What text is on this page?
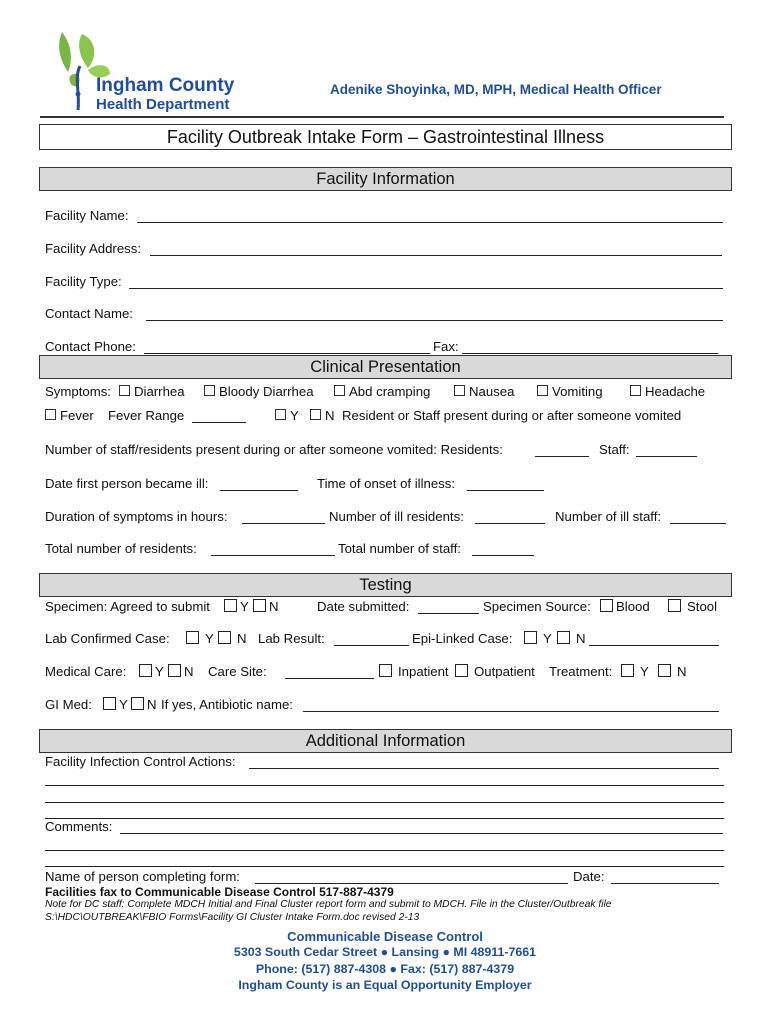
Ingham County
Health Department
Adenike Shoyinka, MD, MPH, Medical Health Officer
Facility Outbreak Intake Form – Gastrointestinal Illness
Facility Information
Facility Name:
Facility Address:
Facility Type:
Contact Name:
Contact Phone:	Fax:
Clinical Presentation
Symptoms:	Diarrhea	Bloody Diarrhea	Abd cramping	Nausea	Vomiting	Headache
Fever Fever Range	Y	N Resident or Staff present during or after someone vomited
Number of staff/residents present during or after someone vomited: Residents:	Staff:
Date first person became ill:	Time of onset of illness:
Duration of symptoms in hours:	Number of ill residents:	Number of ill staff:
Total number of residents:	Total number of staff:
Testing
Specimen: Agreed to submit	Y	N	Date submitted:	Specimen Source:	Blood	Stool
Lab Confirmed Case:	Y	N Lab Result:	Epi-Linked Case:	Y	N
Medical Care:	Y	N Care Site:	Inpatient	Outpatient Treatment:	Y	N
GI Med:	Y	N If yes, Antibiotic name:
Additional Information
Facility Infection Control Actions:
Comments:
Name of person completing form:	Date:
Facilities fax to Communicable Disease Control 517-887-4379
Note for DC staff: Complete MDCH Initial and Final Cluster report form and submit to MDCH. File in the Cluster/Outbreak file
S:\HDC\OUTBREAK\FBIO Forms\Facility GI Cluster Intake Form.doc revised 2-13
Communicable Disease Control
5303 South Cedar Street ● Lansing ● MI 48911-7661
Phone: (517) 887-4308 ● Fax: (517) 887-4379
Ingham County is an Equal Opportunity Employer
